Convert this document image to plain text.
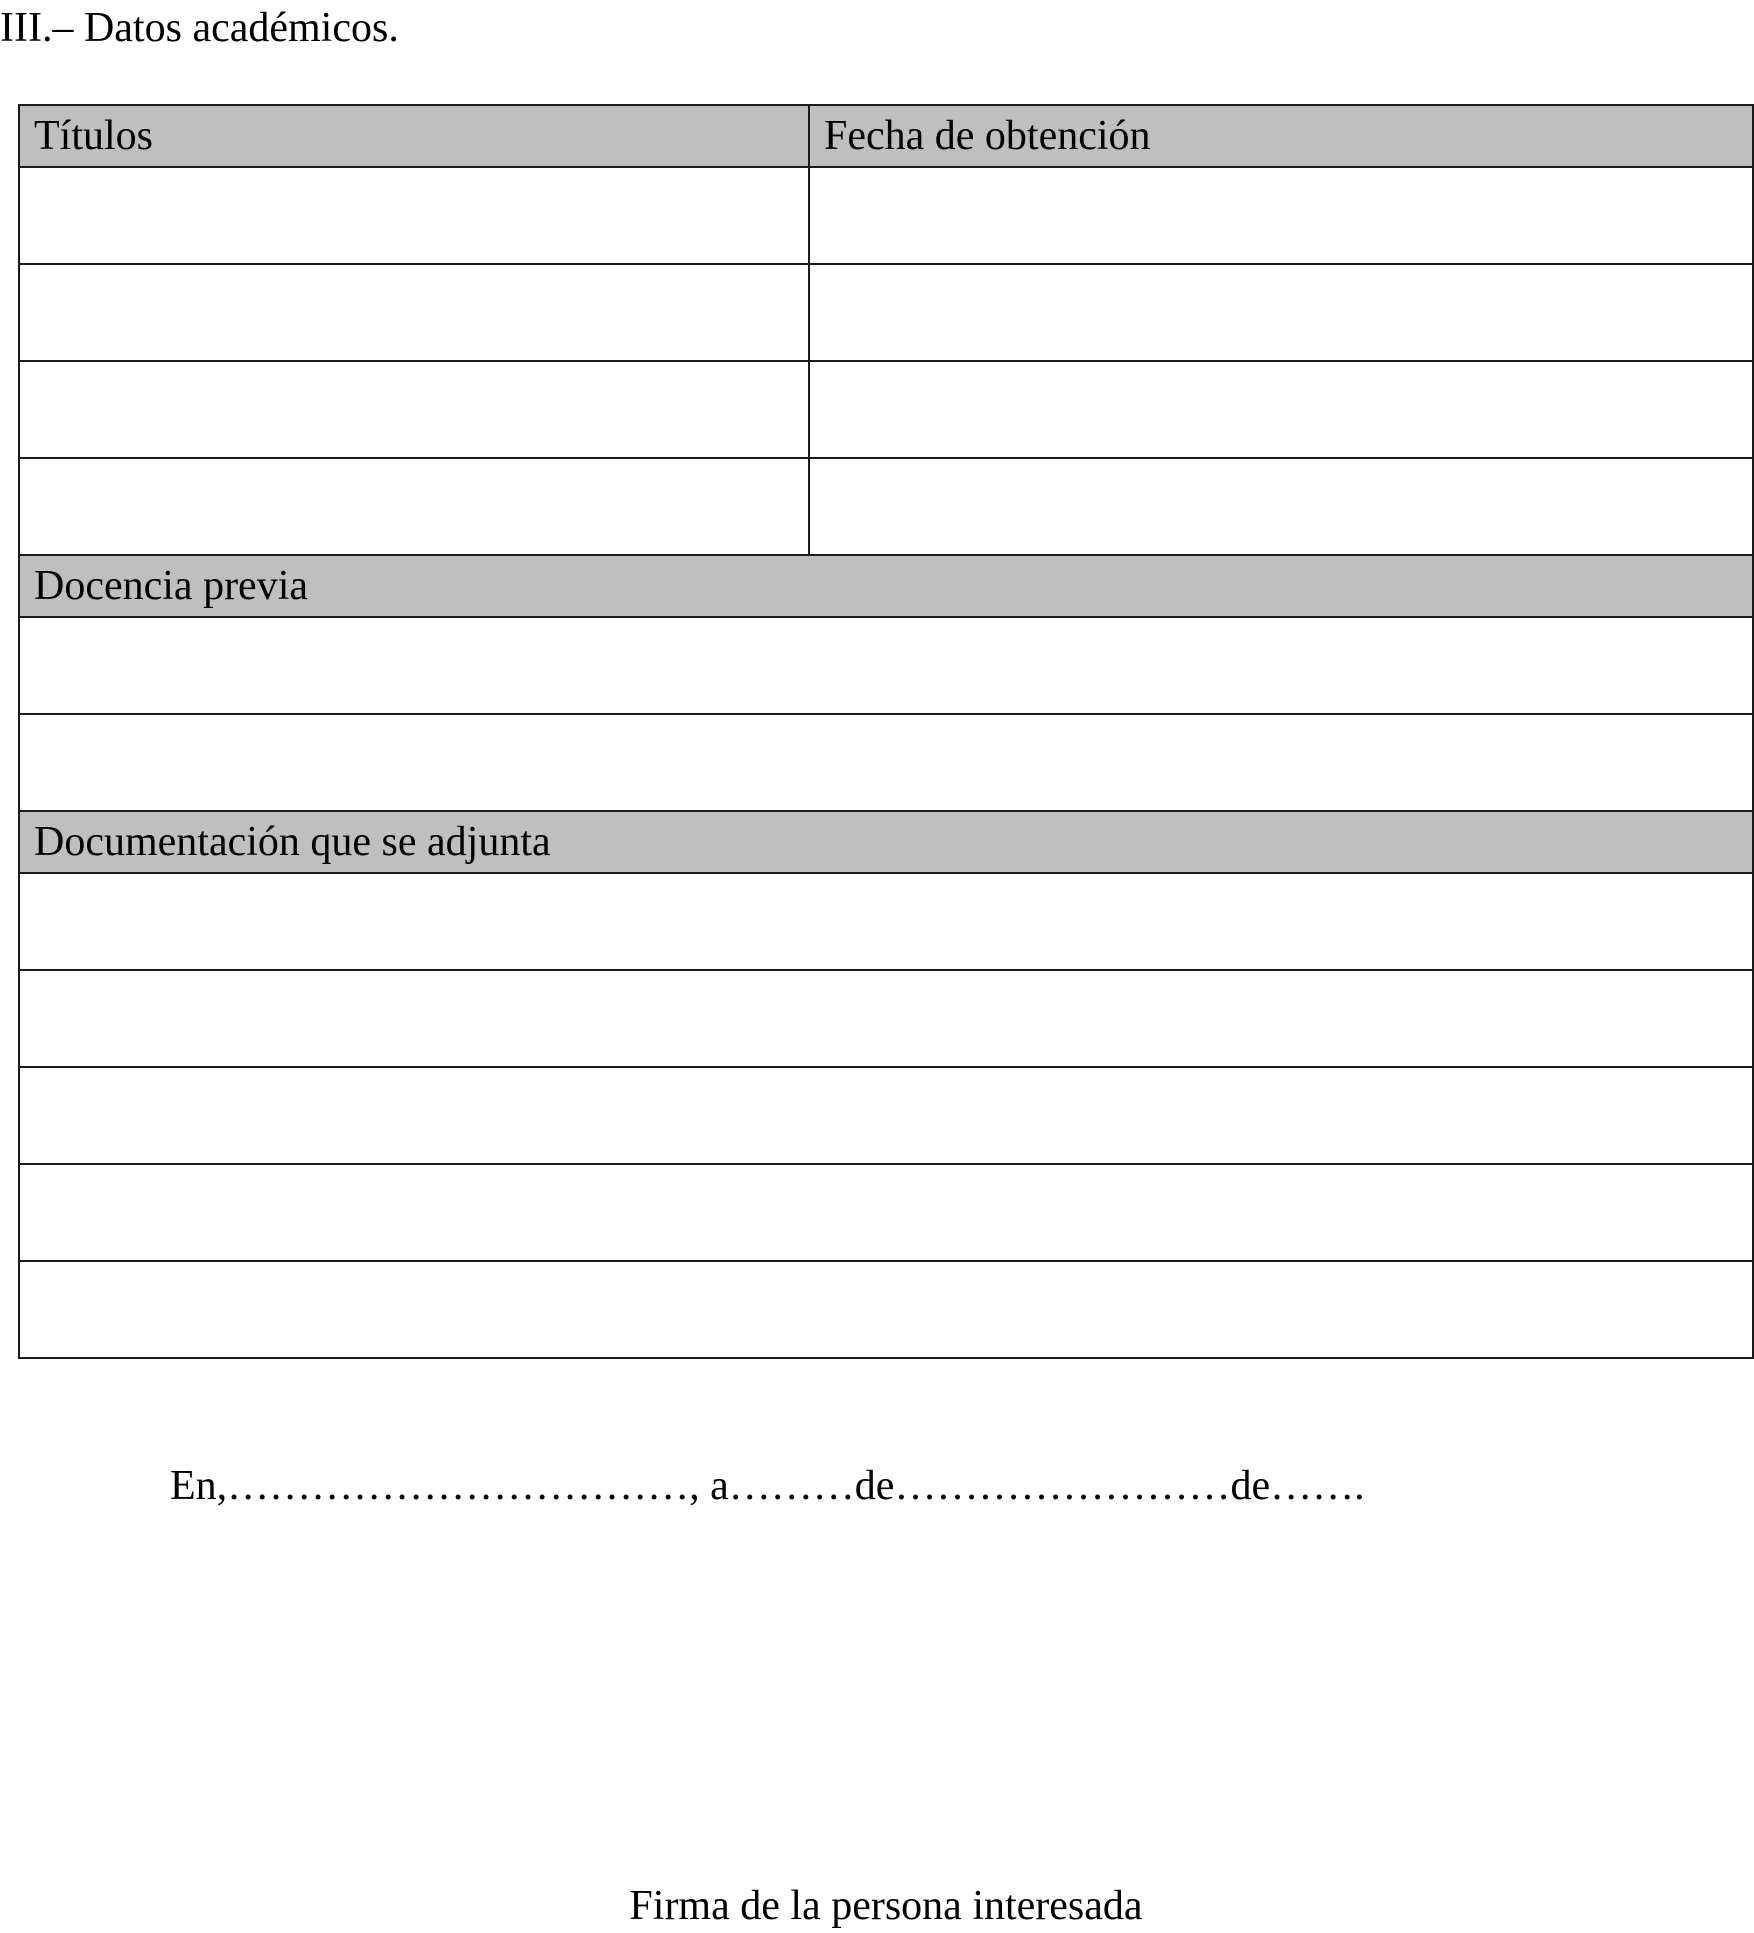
III.– Datos académicos.
Títulos	Fecha de obtención

Docencia previa	

Documentación que se adjunta	

En,……………………………, a………de……………………de…….
Firma de la persona interesada
